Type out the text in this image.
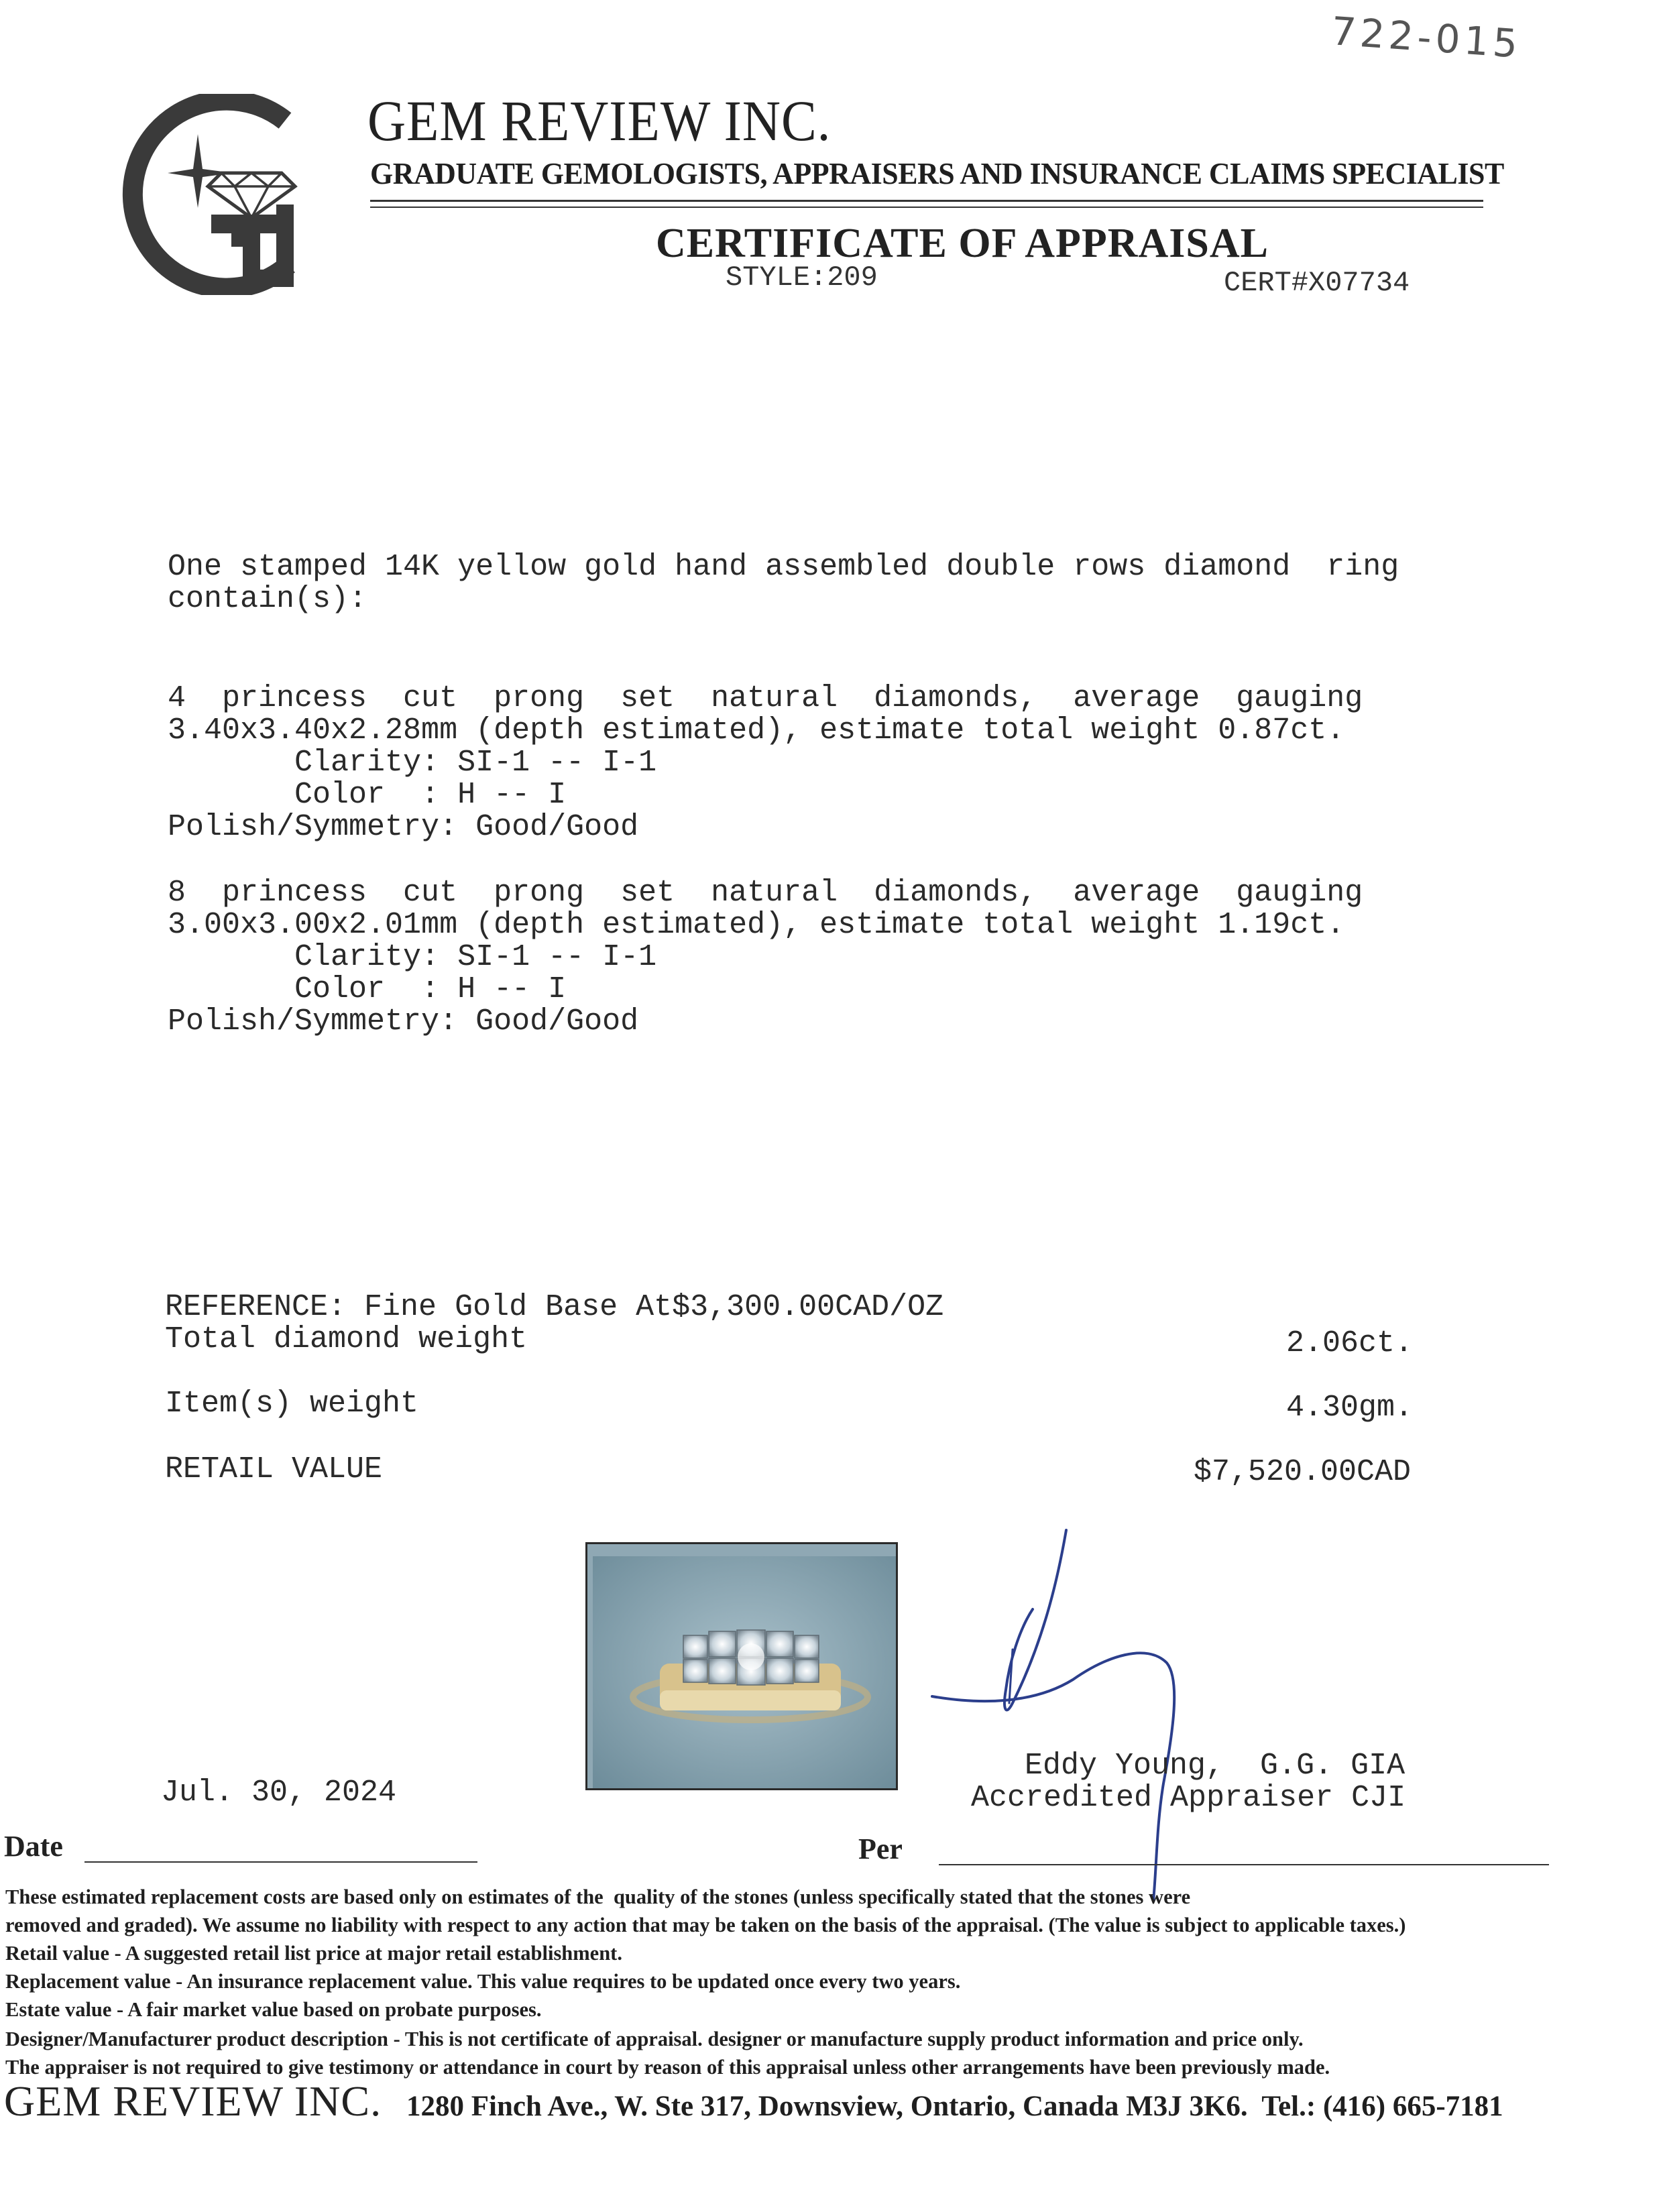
722-015
GEM REVIEW INC.
GRADUATE GEMOLOGISTS, APPRAISERS AND INSURANCE CLAIMS SPECIALIST
CERTIFICATE OF APPRAISAL
STYLE:209	CERT#X07734
One stamped 14K yellow gold hand assembled double rows diamond  ring
contain(s):
4  princess  cut  prong  set  natural  diamonds,  average  gauging
3.40x3.40x2.28mm (depth estimated), estimate total weight 0.87ct.
Clarity: SI-1 -- I-1
Color  : H -- I
Polish/Symmetry: Good/Good
8  princess  cut  prong  set  natural  diamonds,  average  gauging
3.00x3.00x2.01mm (depth estimated), estimate total weight 1.19ct.
Clarity: SI-1 -- I-1
Color  : H -- I
Polish/Symmetry: Good/Good
REFERENCE: Fine Gold Base At$3,300.00CAD/OZ
Total diamond weight	2.06ct.
Item(s) weight	4.30gm.
RETAIL VALUE	$7,520.00CAD

Jul. 30, 2024
Eddy Young,  G.G. GIA
Accredited Appraiser CJI
Date	Per
These estimated replacement costs are based only on estimates of the  quality of the stones (unless specifically stated that the stones were
removed and graded). We assume no liability with respect to any action that may be taken on the basis of the appraisal. (The value is subject to applicable taxes.)
Retail value - A suggested retail list price at major retail establishment.
Replacement value - An insurance replacement value. This value requires to be updated once every two years.
Estate value - A fair market value based on probate purposes.
Designer/Manufacturer product description - This is not certificate of appraisal. designer or manufacture supply product information and price only.
The appraiser is not required to give testimony or attendance in court by reason of this appraisal unless other arrangements have been previously made.
GEM REVIEW INC. 1280 Finch Ave., W. Ste 317, Downsview, Ontario, Canada M3J 3K6.  Tel.: (416) 665-7181
